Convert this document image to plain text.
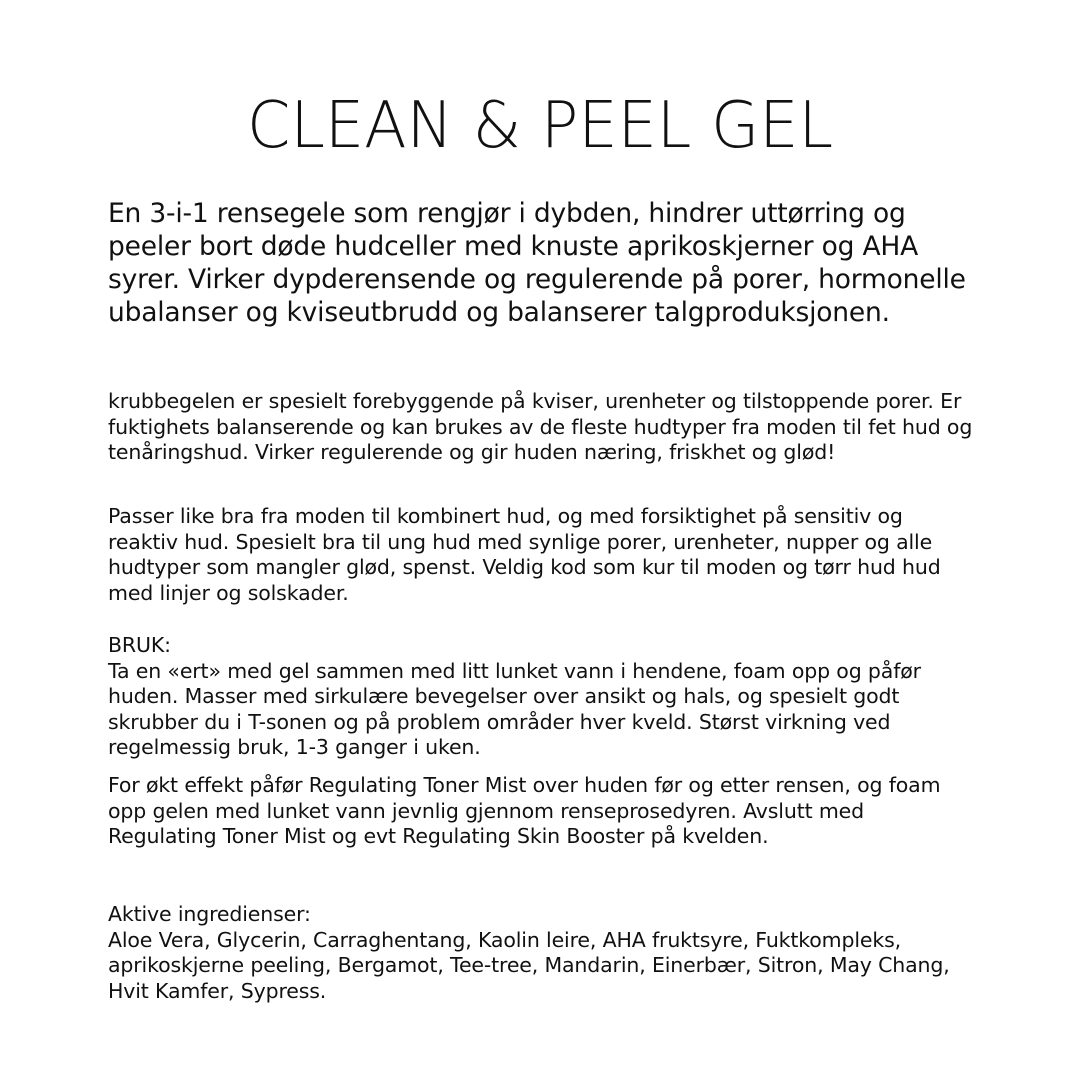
CLEAN & PEEL GEL

En 3-i-1 rensegele som rengjør i dybden, hindrer uttørring og peeler bort døde hudceller med knuste aprikoskjerner og AHA syrer. Virker dypderensende og regulerende på porer, hormonelle ubalanser og kviseutbrudd og balanserer talgproduksjonen.

krubbegelen er spesielt forebyggende på kviser, urenheter og tilstoppende porer. Er fuktighets balanserende og kan brukes av de fleste hudtyper fra moden til fet hud og tenåringshud. Virker regulerende og gir huden næring, friskhet og glød!

Passer like bra fra moden til kombinert hud, og med forsiktighet på sensitiv og reaktiv hud. Spesielt bra til ung hud med synlige porer, urenheter, nupper og alle hudtyper som mangler glød, spenst. Veldig kod som kur til moden og tørr hud hud med linjer og solskader.

BRUK:
Ta en «ert» med gel sammen med litt lunket vann i hendene, foam opp og påfør huden. Masser med sirkulære bevegelser over ansikt og hals, og spesielt godt skrubber du i T-sonen og på problem områder hver kveld. Størst virkning ved regelmessig bruk, 1-3 ganger i uken.

For økt effekt påfør Regulating Toner Mist over huden før og etter rensen, og foam opp gelen med lunket vann jevnlig gjennom renseprosedyren. Avslutt med Regulating Toner Mist og evt Regulating Skin Booster på kvelden.

Aktive ingredienser:
Aloe Vera, Glycerin, Carraghentang, Kaolin leire, AHA fruktsyre, Fuktkompleks, aprikoskjerne peeling, Bergamot, Tee-tree, Mandarin, Einerbær, Sitron, May Chang, Hvit Kamfer, Sypress.
